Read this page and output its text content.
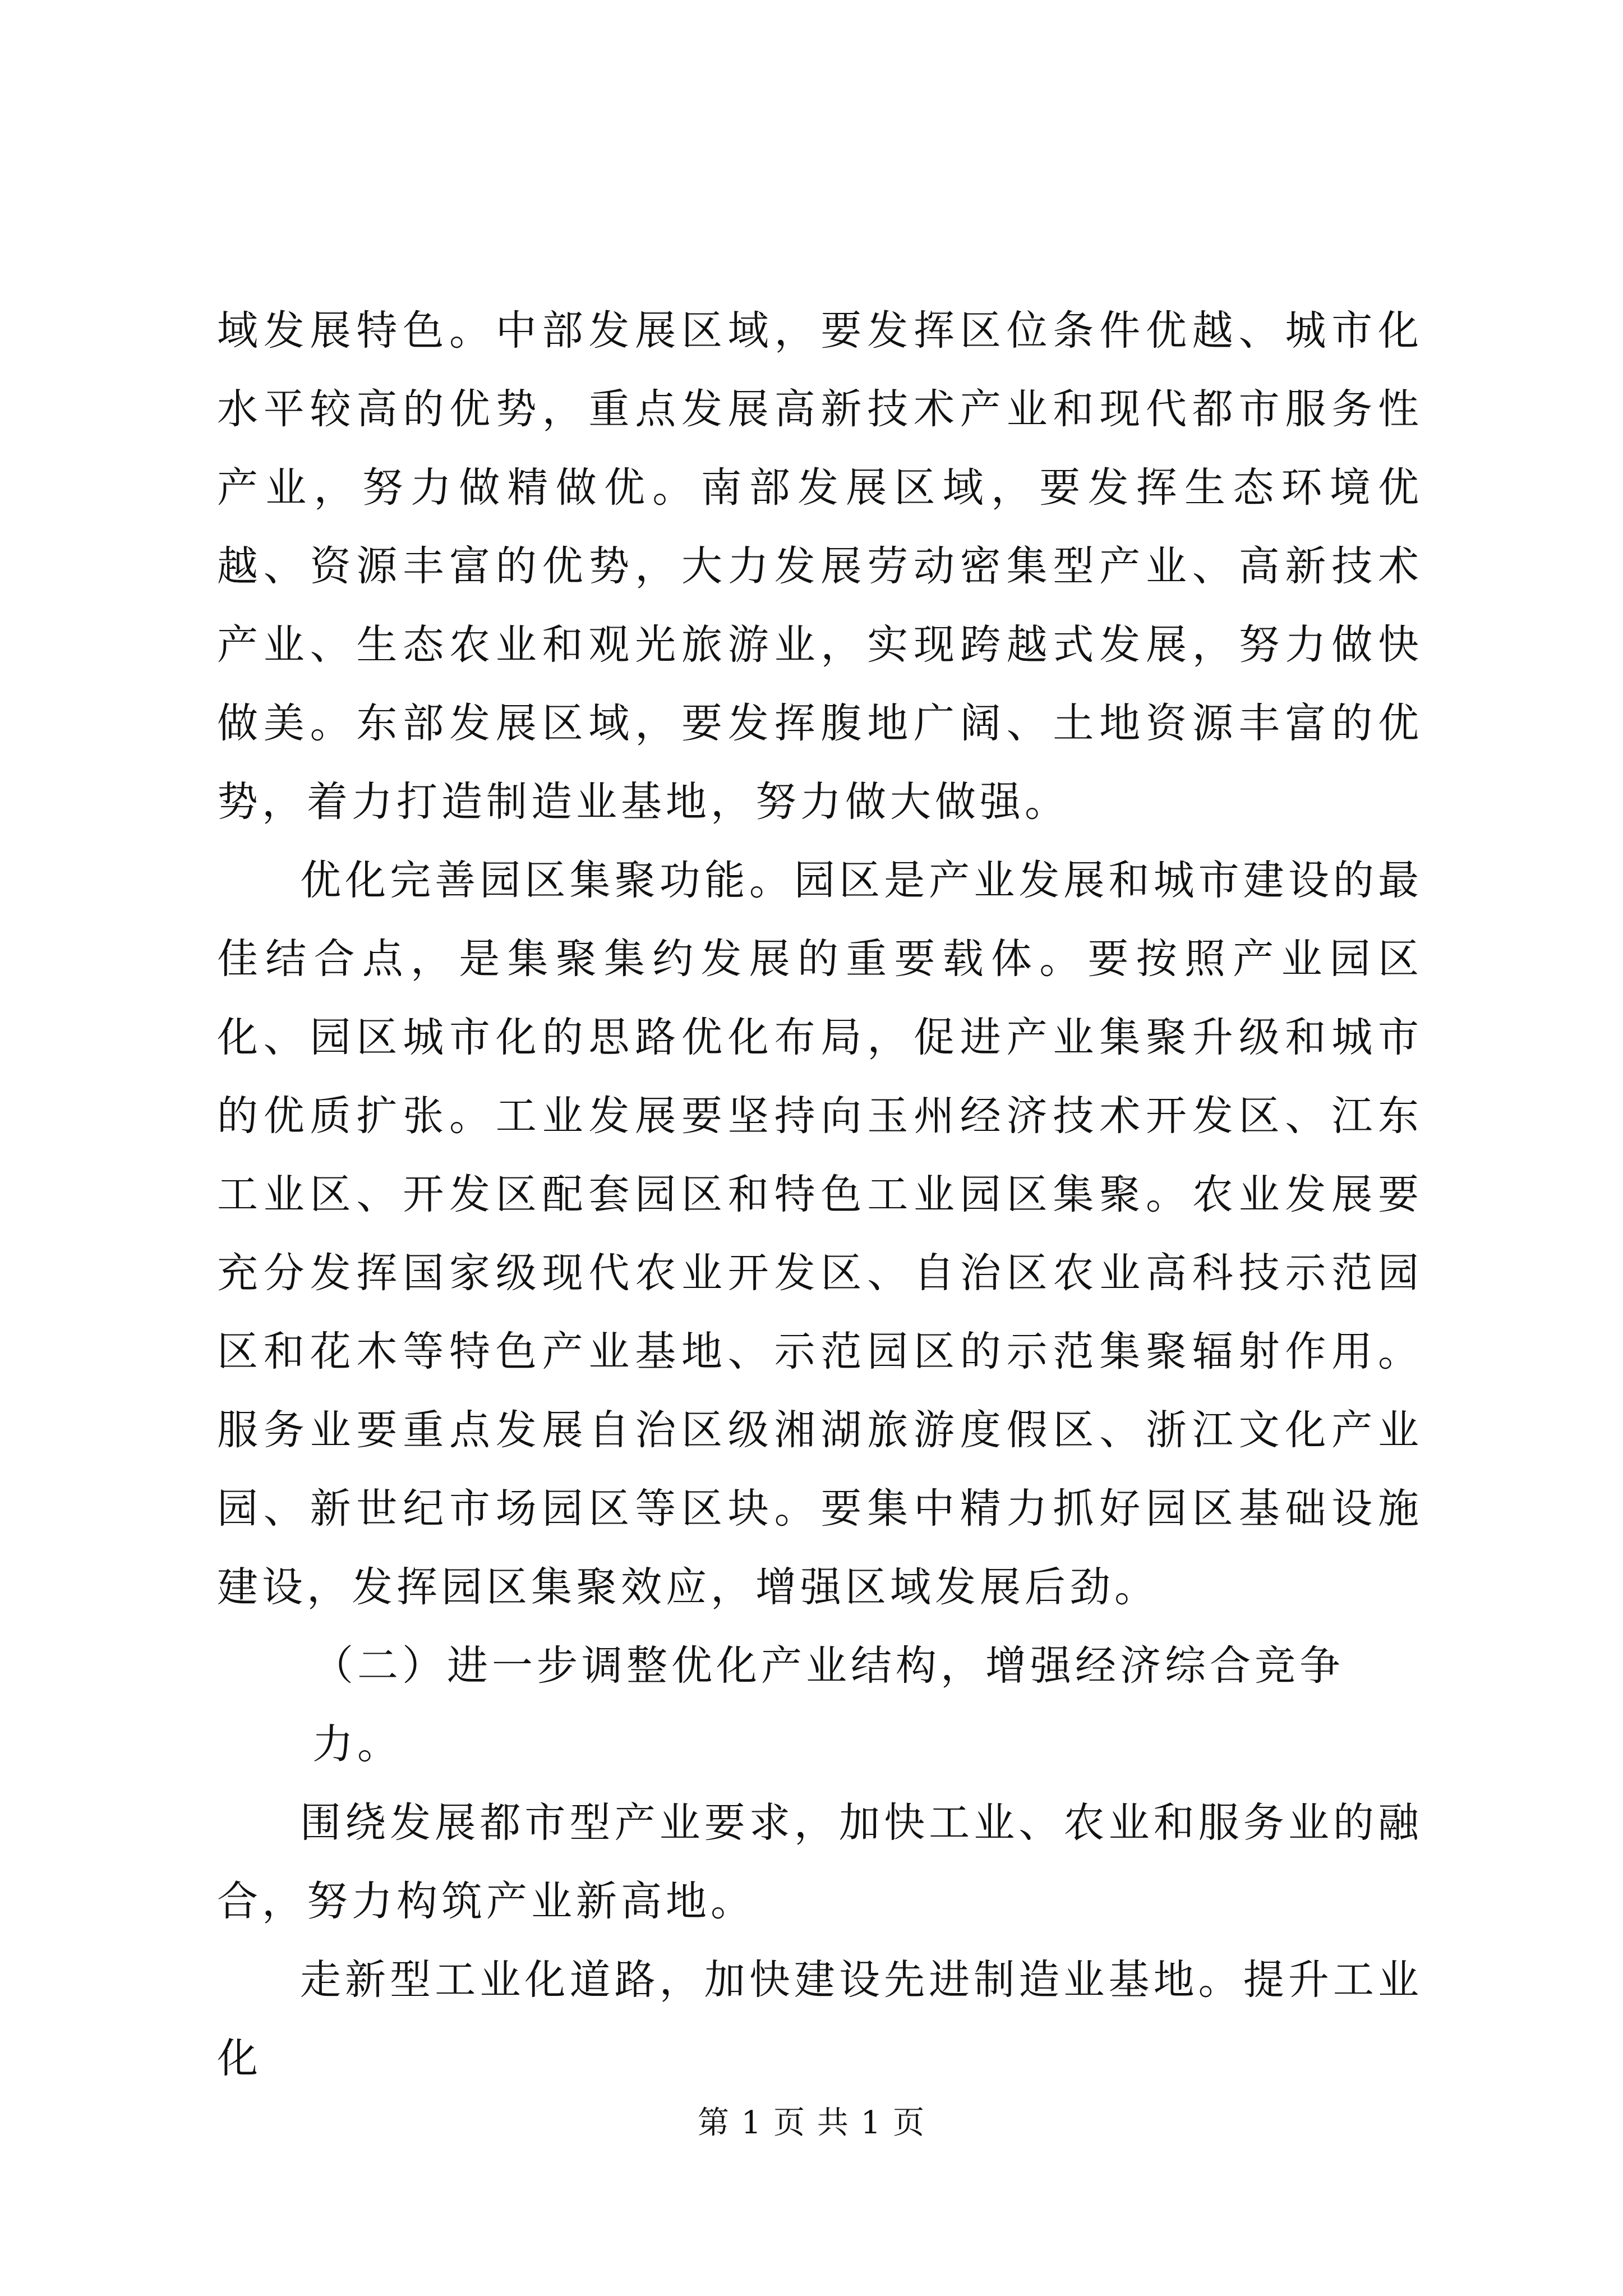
域发展特色。中部发展区域，要发挥区位条件优越、城市化水平较高的优势，重点发展高新技术产业和现代都市服务性产业，努力做精做优。南部发展区域，要发挥生态环境优越、资源丰富的优势，大力发展劳动密集型产业、高新技术产业、生态农业和观光旅游业，实现跨越式发展，努力做快做美。东部发展区域，要发挥腹地广阔、土地资源丰富的优势，着力打造制造业基地，努力做大做强。

优化完善园区集聚功能。园区是产业发展和城市建设的最佳结合点，是集聚集约发展的重要载体。要按照产业园区化、园区城市化的思路优化布局，促进产业集聚升级和城市的优质扩张。工业发展要坚持向玉州经济技术开发区、江东工业区、开发区配套园区和特色工业园区集聚。农业发展要充分发挥国家级现代农业开发区、自治区农业高科技示范园区和花木等特色产业基地、示范园区的示范集聚辐射作用。服务业要重点发展自治区级湘湖旅游度假区、浙江文化产业园、新世纪市场园区等区块。要集中精力抓好园区基础设施建设，发挥园区集聚效应，增强区域发展后劲。

（二）进一步调整优化产业结构，增强经济综合竞争力。

围绕发展都市型产业要求，加快工业、农业和服务业的融合，努力构筑产业新高地。

走新型工业化道路，加快建设先进制造业基地。提升工业化

第 1 页 共 1 页
